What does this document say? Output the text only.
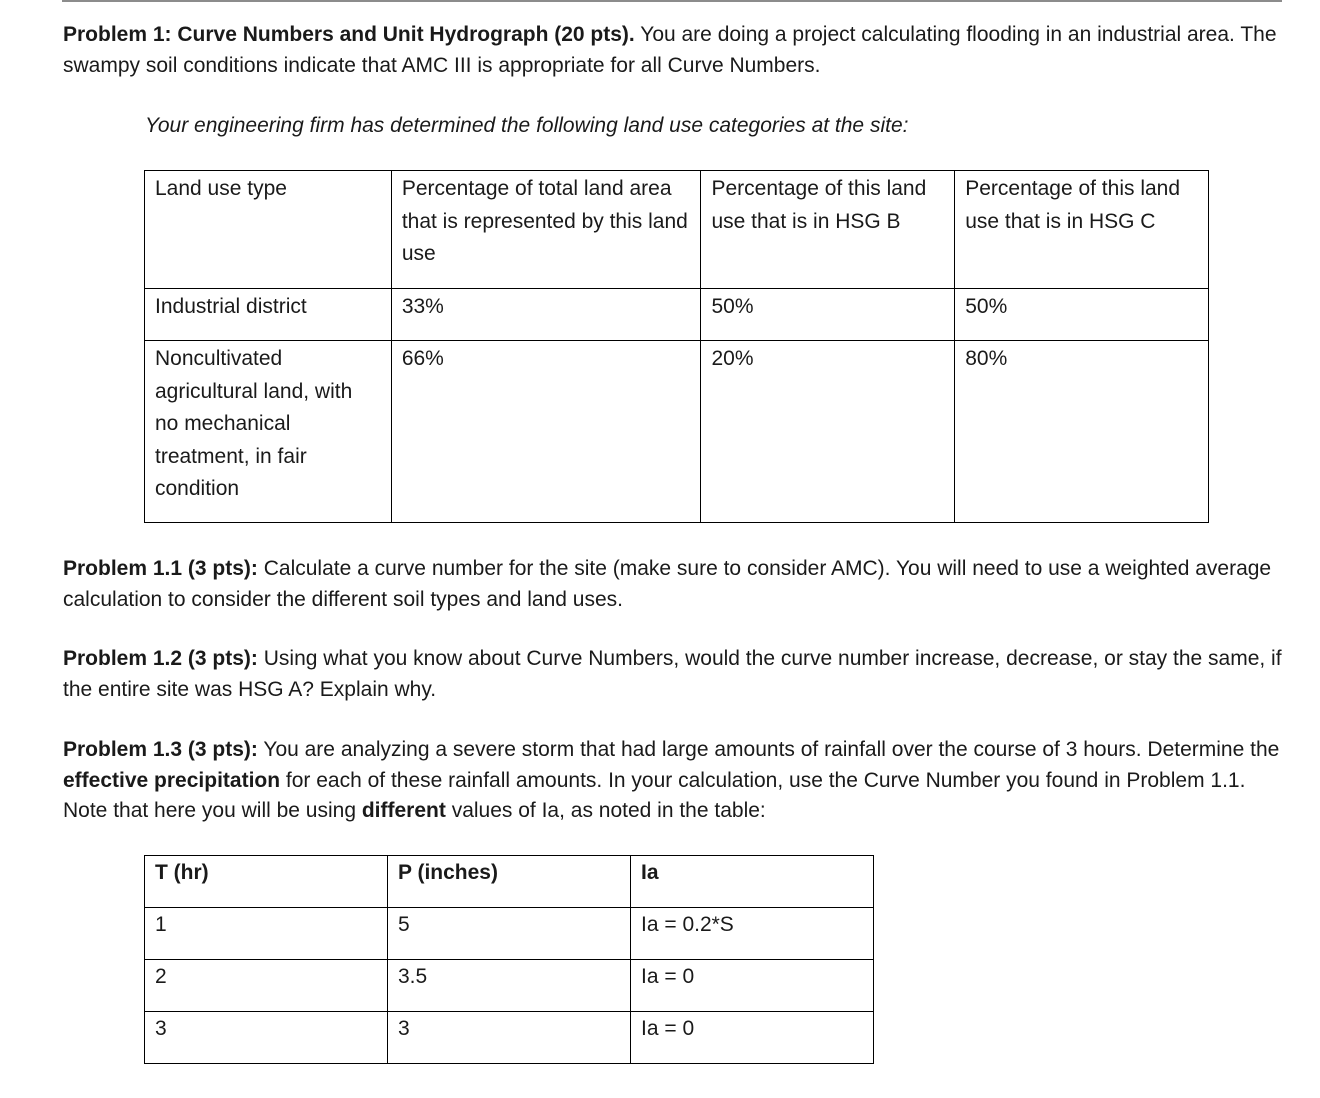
Problem 1: Curve Numbers and Unit Hydrograph (20 pts). You are doing a project calculating flooding in an industrial area. The swampy soil conditions indicate that AMC III is appropriate for all Curve Numbers.
Your engineering firm has determined the following land use categories at the site:
Land use type	Percentage of total land area that is represented by this land use	Percentage of this land use that is in HSG B	Percentage of this land use that is in HSG C
Industrial district	33%	50%	50%
Noncultivated agricultural land, with no mechanical treatment, in fair condition	66%	20%	80%
Problem 1.1 (3 pts): Calculate a curve number for the site (make sure to consider AMC). You will need to use a weighted average calculation to consider the different soil types and land uses.
Problem 1.2 (3 pts): Using what you know about Curve Numbers, would the curve number increase, decrease, or stay the same, if the entire site was HSG A? Explain why.
Problem 1.3 (3 pts): You are analyzing a severe storm that had large amounts of rainfall over the course of 3 hours. Determine the effective precipitation for each of these rainfall amounts. In your calculation, use the Curve Number you found in Problem 1.1. Note that here you will be using different values of Ia, as noted in the table:
T (hr)	P (inches)	Ia
1	5	Ia = 0.2*S
2	3.5	Ia = 0
3	3	Ia = 0
